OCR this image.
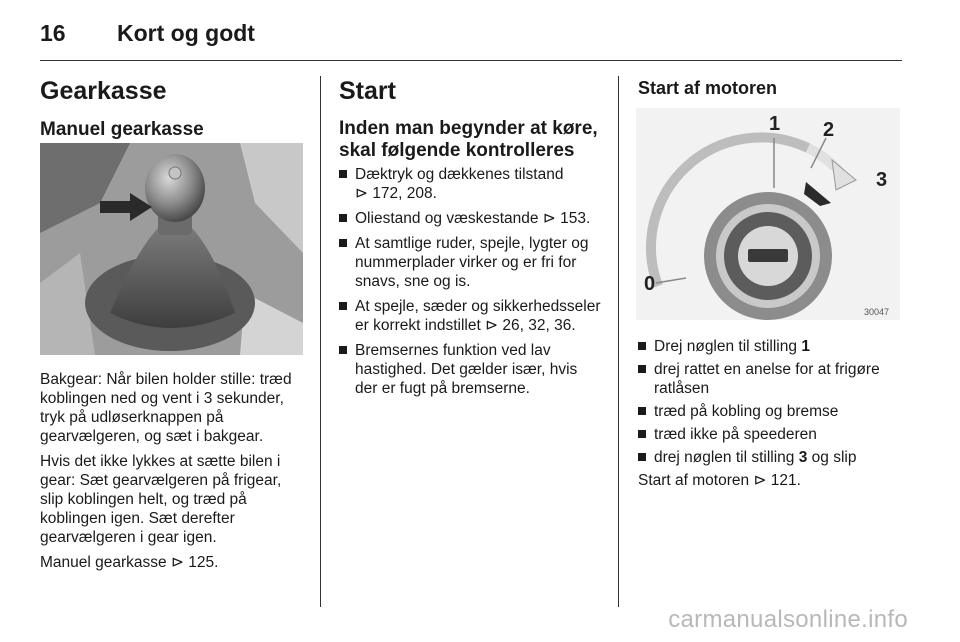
16 Kort og godt
Gearkasse
Manuel gearkasse

Bakgear: Når bilen holder stille: træd koblingen ned og vent i 3 sekunder, tryk på udløserknappen på gearvælgeren, og sæt i bakgear.

Hvis det ikke lykkes at sætte bilen i gear: Sæt gearvælgeren på frigear, slip koblingen helt, og træd på koblingen igen. Sæt derefter gearvælgeren i gear igen.

Manuel gearkasse ⊳ 125.

Start
Inden man begynder at køre, skal følgende kontrolleres
Dæktryk og dækkenes tilstand
⊳ 172, 208.
Oliestand og væskestande ⊳ 153.
At samtlige ruder, spejle, lygter og nummerplader virker og er fri for snavs, sne og is.
At spejle, sæder og sikkerhedsseler er korrekt indstillet ⊳ 26, 32, 36.
Bremsernes funktion ved lav hastighed. Det gælder især, hvis der er fugt på bremserne.
Start af motoren
1 2
3
0
30047
Drej nøglen til stilling 1
drej rattet en anelse for at frigøre ratlåsen
træd på kobling og bremse
træd ikke på speederen
drej nøglen til stilling 3 og slip

Start af motoren ⊳ 121.

carmanualsonline.info
